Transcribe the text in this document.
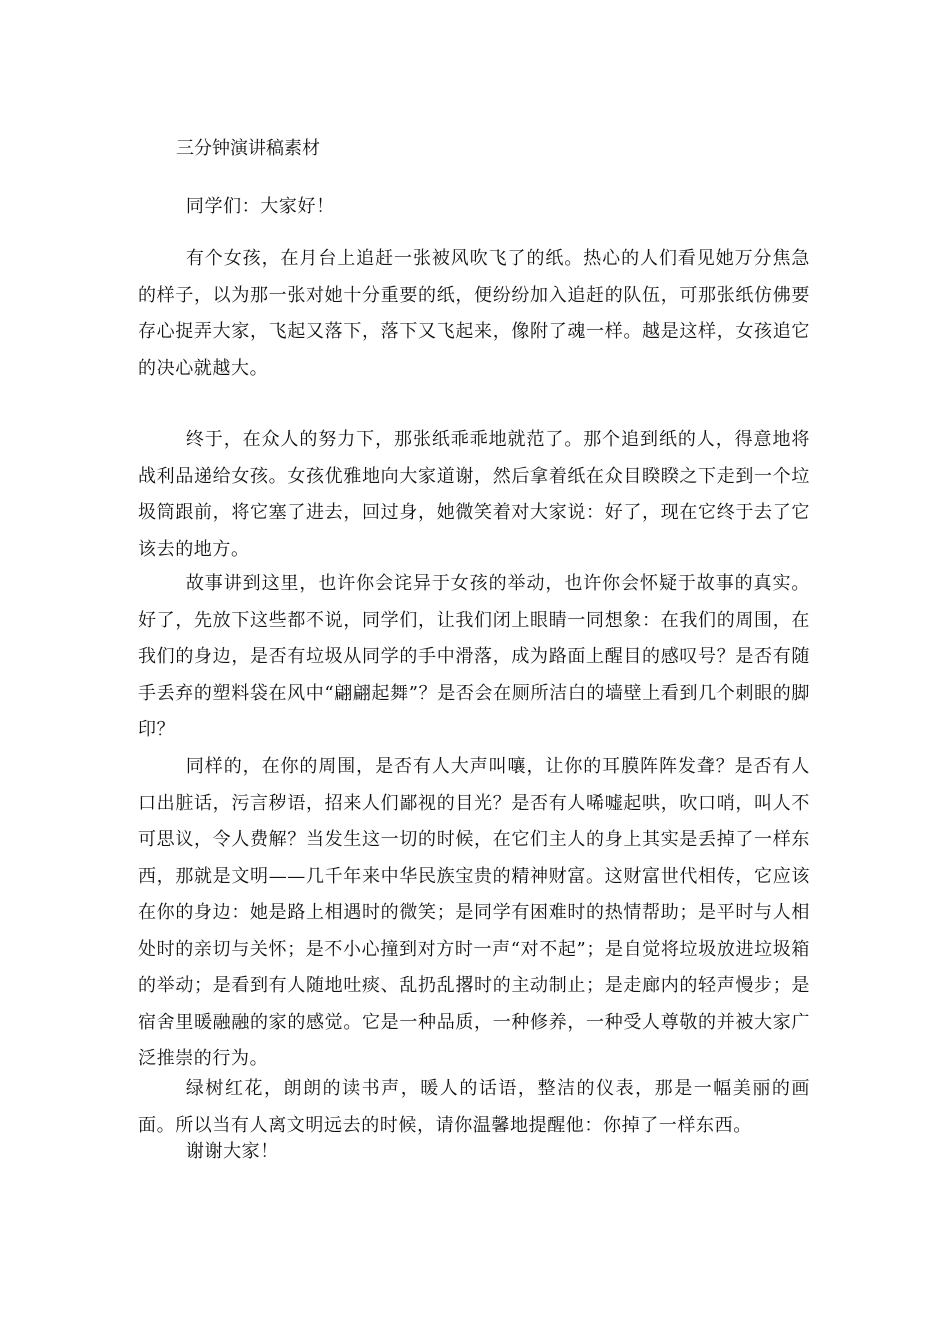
三分钟演讲稿素材

同学们：大家好！

有个女孩，在月台上追赶一张被风吹飞了的纸。热心的人们看见她万分焦急的样子，以为那一张对她十分重要的纸，便纷纷加入追赶的队伍，可那张纸仿佛要存心捉弄大家，飞起又落下，落下又飞起来，像附了魂一样。越是这样，女孩追它的决心就越大。

终于，在众人的努力下，那张纸乖乖地就范了。那个追到纸的人，得意地将战利品递给女孩。女孩优雅地向大家道谢，然后拿着纸在众目睽睽之下走到一个垃圾筒跟前，将它塞了进去，回过身，她微笑着对大家说：好了，现在它终于去了它该去的地方。

故事讲到这里，也许你会诧异于女孩的举动，也许你会怀疑于故事的真实。好了，先放下这些都不说，同学们，让我们闭上眼睛一同想象：在我们的周围，在我们的身边，是否有垃圾从同学的手中滑落，成为路面上醒目的感叹号？是否有随手丢弃的塑料袋在风中“翩翩起舞”？是否会在厕所洁白的墙壁上看到几个刺眼的脚印？

同样的，在你的周围，是否有人大声叫嚷，让你的耳膜阵阵发聋？是否有人口出脏话，污言秽语，招来人们鄙视的目光？是否有人唏嘘起哄，吹口哨，叫人不可思议，令人费解？当发生这一切的时候，在它们主人的身上其实是丢掉了一样东西，那就是文明——几千年来中华民族宝贵的精神财富。这财富世代相传，它应该在你的身边：她是路上相遇时的微笑；是同学有困难时的热情帮助；是平时与人相处时的亲切与关怀；是不小心撞到对方时一声“对不起”；是自觉将垃圾放进垃圾箱的举动；是看到有人随地吐痰、乱扔乱撂时的主动制止；是走廊内的轻声慢步；是宿舍里暖融融的家的感觉。它是一种品质，一种修养，一种受人尊敬的并被大家广泛推崇的行为。

绿树红花，朗朗的读书声，暖人的话语，整洁的仪表，那是一幅美丽的画面。所以当有人离文明远去的时候，请你温馨地提醒他：你掉了一样东西。

谢谢大家！
